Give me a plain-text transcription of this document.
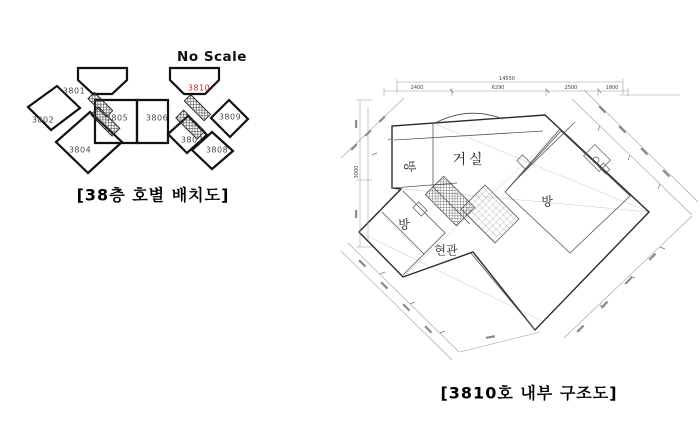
3801
3802
3804
3805 3806
3807
3808
3809
3810
No Scale
[38층 호별 배치도]
방	거실
방
방
현관
14550
2400	6290	2500	1800
3000
[3810호 내부 구조도]
